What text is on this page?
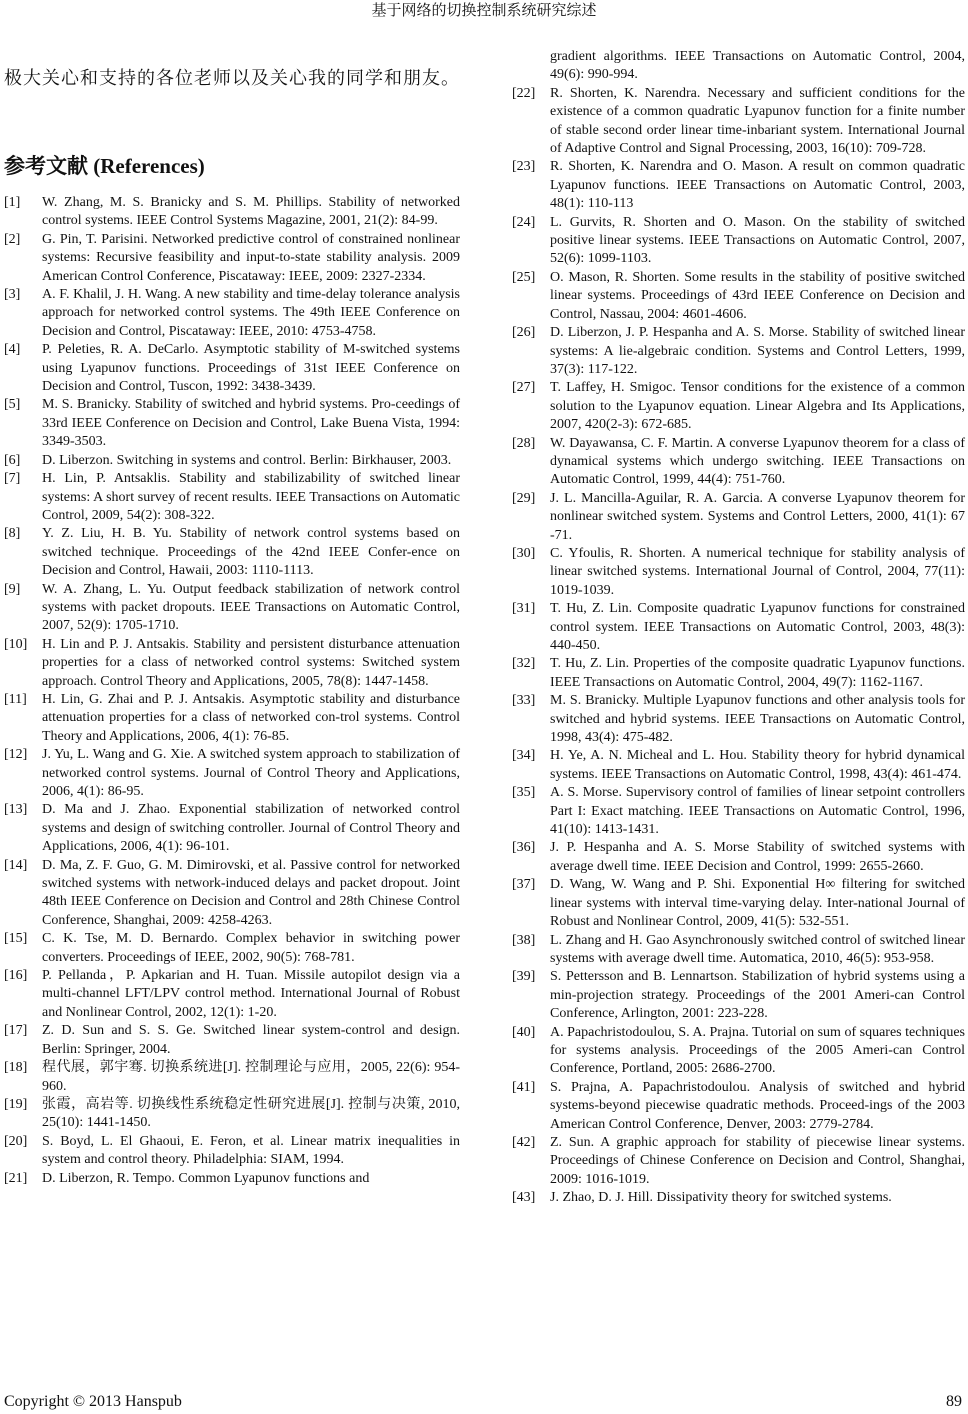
基于网络的切换控制系统研究综述
极大关心和支持的各位老师以及关心我的同学和朋友。
参考文献 (References)
[1]	W. Zhang, M. S. Branicky and S. M. Phillips. Stability of networked control systems. IEEE Control Systems Magazine, 2001, 21(2): 84-99.
[2]	G. Pin, T. Parisini. Networked predictive control of constrained nonlinear systems: Recursive feasibility and input-to-state stability analysis. 2009 American Control Conference, Piscataway: IEEE, 2009: 2327-2334.
[3]	A. F. Khalil, J. H. Wang. A new stability and time-delay tolerance analysis approach for networked control systems. The 49th IEEE Conference on Decision and Control, Piscataway: IEEE, 2010: 4753-4758.
[4]	P. Peleties, R. A. DeCarlo. Asymptotic stability of M-switched systems using Lyapunov functions. Proceedings of 31st IEEE Conference on Decision and Control, Tuscon, 1992: 3438-3439.
[5]	M. S. Branicky. Stability of switched and hybrid systems. Pro-ceedings of 33rd IEEE Conference on Decision and Control, Lake Buena Vista, 1994: 3349-3503.
[6]	D. Liberzon. Switching in systems and control. Berlin: Birkhauser, 2003.
[7]	H. Lin, P. Antsaklis. Stability and stabilizability of switched linear systems: A short survey of recent results. IEEE Transactions on Automatic Control, 2009, 54(2): 308-322.
[8]	Y. Z. Liu, H. B. Yu. Stability of network control systems based on switched technique. Proceedings of the 42nd IEEE Confer-ence on Decision and Control, Hawaii, 2003: 1110-1113.
[9]	W. A. Zhang, L. Yu. Output feedback stabilization of network control systems with packet dropouts. IEEE Transactions on Automatic Control, 2007, 52(9): 1705-1710.
[10]	H. Lin and P. J. Antsakis. Stability and persistent disturbance attenuation properties for a class of networked control systems: Switched system approach. Control Theory and Applications, 2005, 78(8): 1447-1458.
[11]	H. Lin, G. Zhai and P. J. Antsakis. Asymptotic stability and disturbance attenuation properties for a class of networked con-trol systems. Control Theory and Applications, 2006, 4(1): 76-85.
[12]	J. Yu, L. Wang and G. Xie. A switched system approach to stabilization of networked control systems. Journal of Control Theory and Applications, 2006, 4(1): 86-95.
[13]	D. Ma and J. Zhao. Exponential stabilization of networked control systems and design of switching controller. Journal of Control Theory and Applications, 2006, 4(1): 96-101.
[14]	D. Ma, Z. F. Guo, G. M. Dimirovski, et al. Passive control for networked switched systems with network-induced delays and packet dropout. Joint 48th IEEE Conference on Decision and Control and 28th Chinese Control Conference, Shanghai, 2009: 4258-4263.
[15]	C. K. Tse, M. D. Bernardo. Complex behavior in switching power converters. Proceedings of IEEE, 2002, 90(5): 768-781.
[16]	P. Pellanda，P. Apkarian and H. Tuan. Missile autopilot design via a multi-channel LFT/LPV control method. International Journal of Robust and Nonlinear Control, 2002, 12(1): 1-20.
[17]	Z. D. Sun and S. S. Ge. Switched linear system-control and design. Berlin: Springer, 2004.
[18]	程代展，郭宇骞. 切换系统进[J]. 控制理论与应用，2005, 22(6): 954-960.
[19]	张霞，高岩等. 切换线性系统稳定性研究进展[J]. 控制与决策, 2010, 25(10): 1441-1450.
[20]	S. Boyd, L. El Ghaoui, E. Feron, et al. Linear matrix inequalities in system and control theory. Philadelphia: SIAM, 1994.
[21]	D. Liberzon, R. Tempo. Common Lyapunov functions and
gradient algorithms. IEEE Transactions on Automatic Control, 2004, 49(6): 990-994.
[22]	R. Shorten, K. Narendra. Necessary and sufficient conditions for the existence of a common quadratic Lyapunov function for a finite number of stable second order linear time-inbariant system. International Journal of Adaptive Control and Signal Processing, 2003, 16(10): 709-728.
[23]	R. Shorten, K. Narendra and O. Mason. A result on common quadratic Lyapunov functions. IEEE Transactions on Automatic Control, 2003, 48(1): 110-113
[24]	L. Gurvits, R. Shorten and O. Mason. On the stability of switched positive linear systems. IEEE Transactions on Automatic Control, 2007, 52(6): 1099-1103.
[25]	O. Mason, R. Shorten. Some results in the stability of positive switched linear systems. Proceedings of 43rd IEEE Conference on Decision and Control, Nassau, 2004: 4601-4606.
[26]	D. Liberzon, J. P. Hespanha and A. S. Morse. Stability of switched linear systems: A lie-algebraic condition. Systems and Control Letters, 1999, 37(3): 117-122.
[27]	T. Laffey, H. Smigoc. Tensor conditions for the existence of a common solution to the Lyapunov equation. Linear Algebra and Its Applications, 2007, 420(2-3): 672-685.
[28]	W. Dayawansa, C. F. Martin. A converse Lyapunov theorem for a class of dynamical systems which undergo switching. IEEE Transactions on Automatic Control, 1999, 44(4): 751-760.
[29]	J. L. Mancilla-Aguilar, R. A. Garcia. A converse Lyapunov theorem for nonlinear switched system. Systems and Control Letters, 2000, 41(1): 67 -71.
[30]	C. Yfoulis, R. Shorten. A numerical technique for stability analysis of linear switched systems. International Journal of Control, 2004, 77(11): 1019-1039.
[31]	T. Hu, Z. Lin. Composite quadratic Lyapunov functions for constrained control system. IEEE Transactions on Automatic Control, 2003, 48(3): 440-450.
[32]	T. Hu, Z. Lin. Properties of the composite quadratic Lyapunov functions. IEEE Transactions on Automatic Control, 2004, 49(7): 1162-1167.
[33]	M. S. Branicky. Multiple Lyapunov functions and other analysis tools for switched and hybrid systems. IEEE Transactions on Automatic Control, 1998, 43(4): 475-482.
[34]	H. Ye, A. N. Micheal and L. Hou. Stability theory for hybrid dynamical systems. IEEE Transactions on Automatic Control, 1998, 43(4): 461-474.
[35]	A. S. Morse. Supervisory control of families of linear setpoint controllers Part I: Exact matching. IEEE Transactions on Automatic Control, 1996, 41(10): 1413-1431.
[36]	J. P. Hespanha and A. S. Morse Stability of switched systems with average dwell time. IEEE Decision and Control, 1999: 2655-2660.
[37]	D. Wang, W. Wang and P. Shi. Exponential H∞ filtering for switched linear systems with interval time-varying delay. Inter-national Journal of Robust and Nonlinear Control, 2009, 41(5): 532-551.
[38]	L. Zhang and H. Gao Asynchronously switched control of switched linear systems with average dwell time. Automatica, 2010, 46(5): 953-958.
[39]	S. Pettersson and B. Lennartson. Stabilization of hybrid systems using a min-projection strategy. Proceedings of the 2001 Ameri-can Control Conference, Arlington, 2001: 223-228.
[40]	A. Papachristodoulou, S. A. Prajna. Tutorial on sum of squares techniques for systems analysis. Proceedings of the 2005 Ameri-can Control Conference, Portland, 2005: 2686-2700.
[41]	S. Prajna, A. Papachristodoulou. Analysis of switched and hybrid systems-beyond piecewise quadratic methods. Proceed-ings of the 2003 American Control Conference, Denver, 2003: 2779-2784.
[42]	Z. Sun. A graphic approach for stability of piecewise linear systems. Proceedings of Chinese Conference on Decision and Control, Shanghai, 2009: 1016-1019.
[43]	J. Zhao, D. J. Hill. Dissipativity theory for switched systems.
Copyright © 2013 Hanspub	89
